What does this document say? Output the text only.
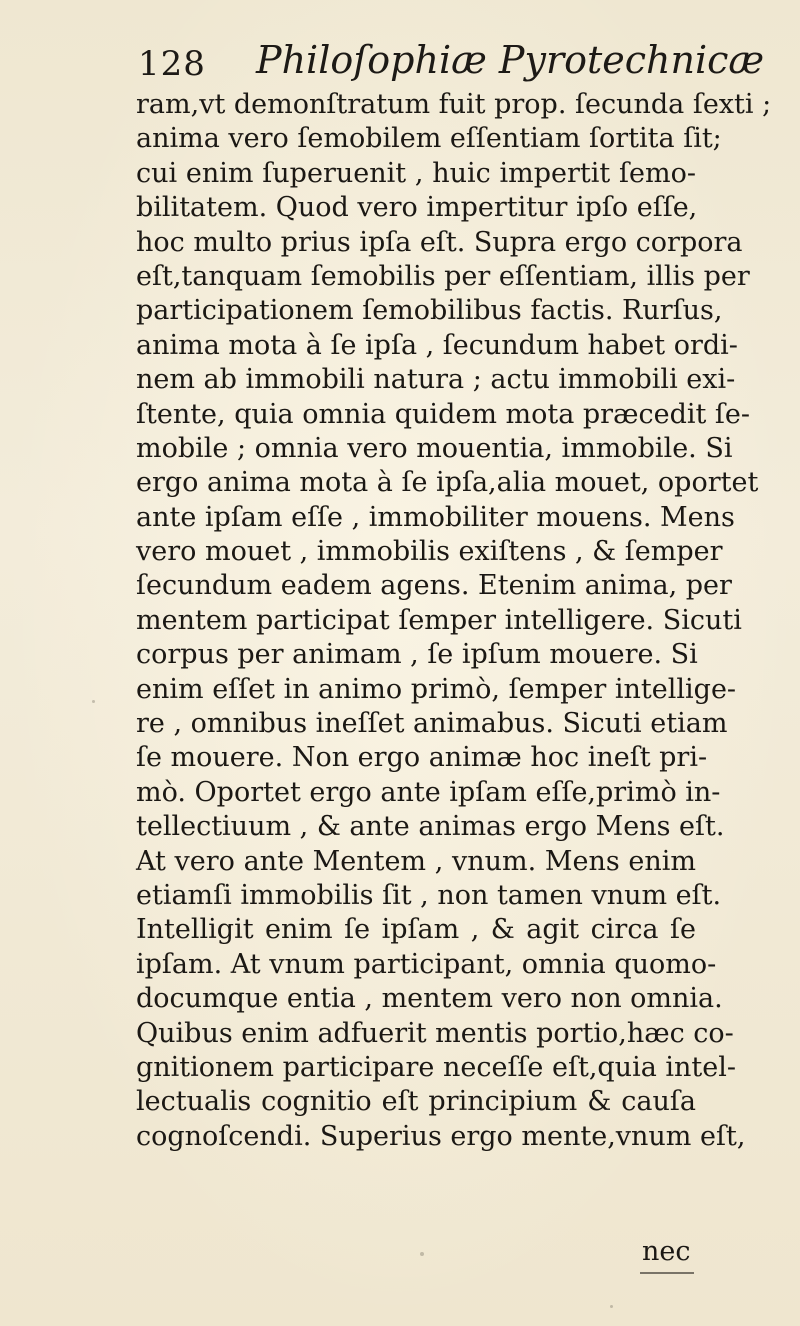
128 Philoſophiæ Pyrotechnicæ
ram,vt demonſtratum fuit prop. ſecunda ſexti ;
anima vero ſemobilem eſſentiam ſortita ſit;
cui enim ſuperuenit , huic impertit ſemo-
bilitatem. Quod vero impertitur ipſo eſſe,
hoc multo prius ipſa eſt. Supra ergo corpora
eſt,tanquam ſemobilis per eſſentiam, illis per
participationem ſemobilibus factis. Rurſus,
anima mota à ſe ipſa , ſecundum habet ordi-
nem ab immobili natura ; actu immobili exi-
ſtente, quia omnia quidem mota præcedit ſe-
mobile ; omnia vero mouentia, immobile. Si
ergo anima mota à ſe ipſa,alia mouet, oportet
ante ipſam eſſe , immobiliter mouens. Mens
vero mouet , immobilis exiſtens , & ſemper
ſecundum eadem agens. Etenim anima, per
mentem participat ſemper intelligere. Sicuti
corpus per animam , ſe ipſum mouere. Si
enim eſſet in animo primò, ſemper intellige-
re , omnibus ineſſet animabus. Sicuti etiam
ſe mouere. Non ergo animæ hoc ineſt pri-
mò. Oportet ergo ante ipſam eſſe,primò in-
tellectiuum , & ante animas ergo Mens eſt.
At vero ante Mentem , vnum. Mens enim
etiamſi immobilis ſit , non tamen vnum eſt.
Intelligit enim ſe ipſam , & agit circa ſe
ipſam. At vnum participant, omnia quomo-
documque entia , mentem vero non omnia.
Quibus enim adfuerit mentis portio,hæc co-
gnitionem participare neceſſe eſt,quia intel-
lectualis cognitio eſt principium & cauſa
cognoſcendi. Superius ergo mente,vnum eſt,
nec
